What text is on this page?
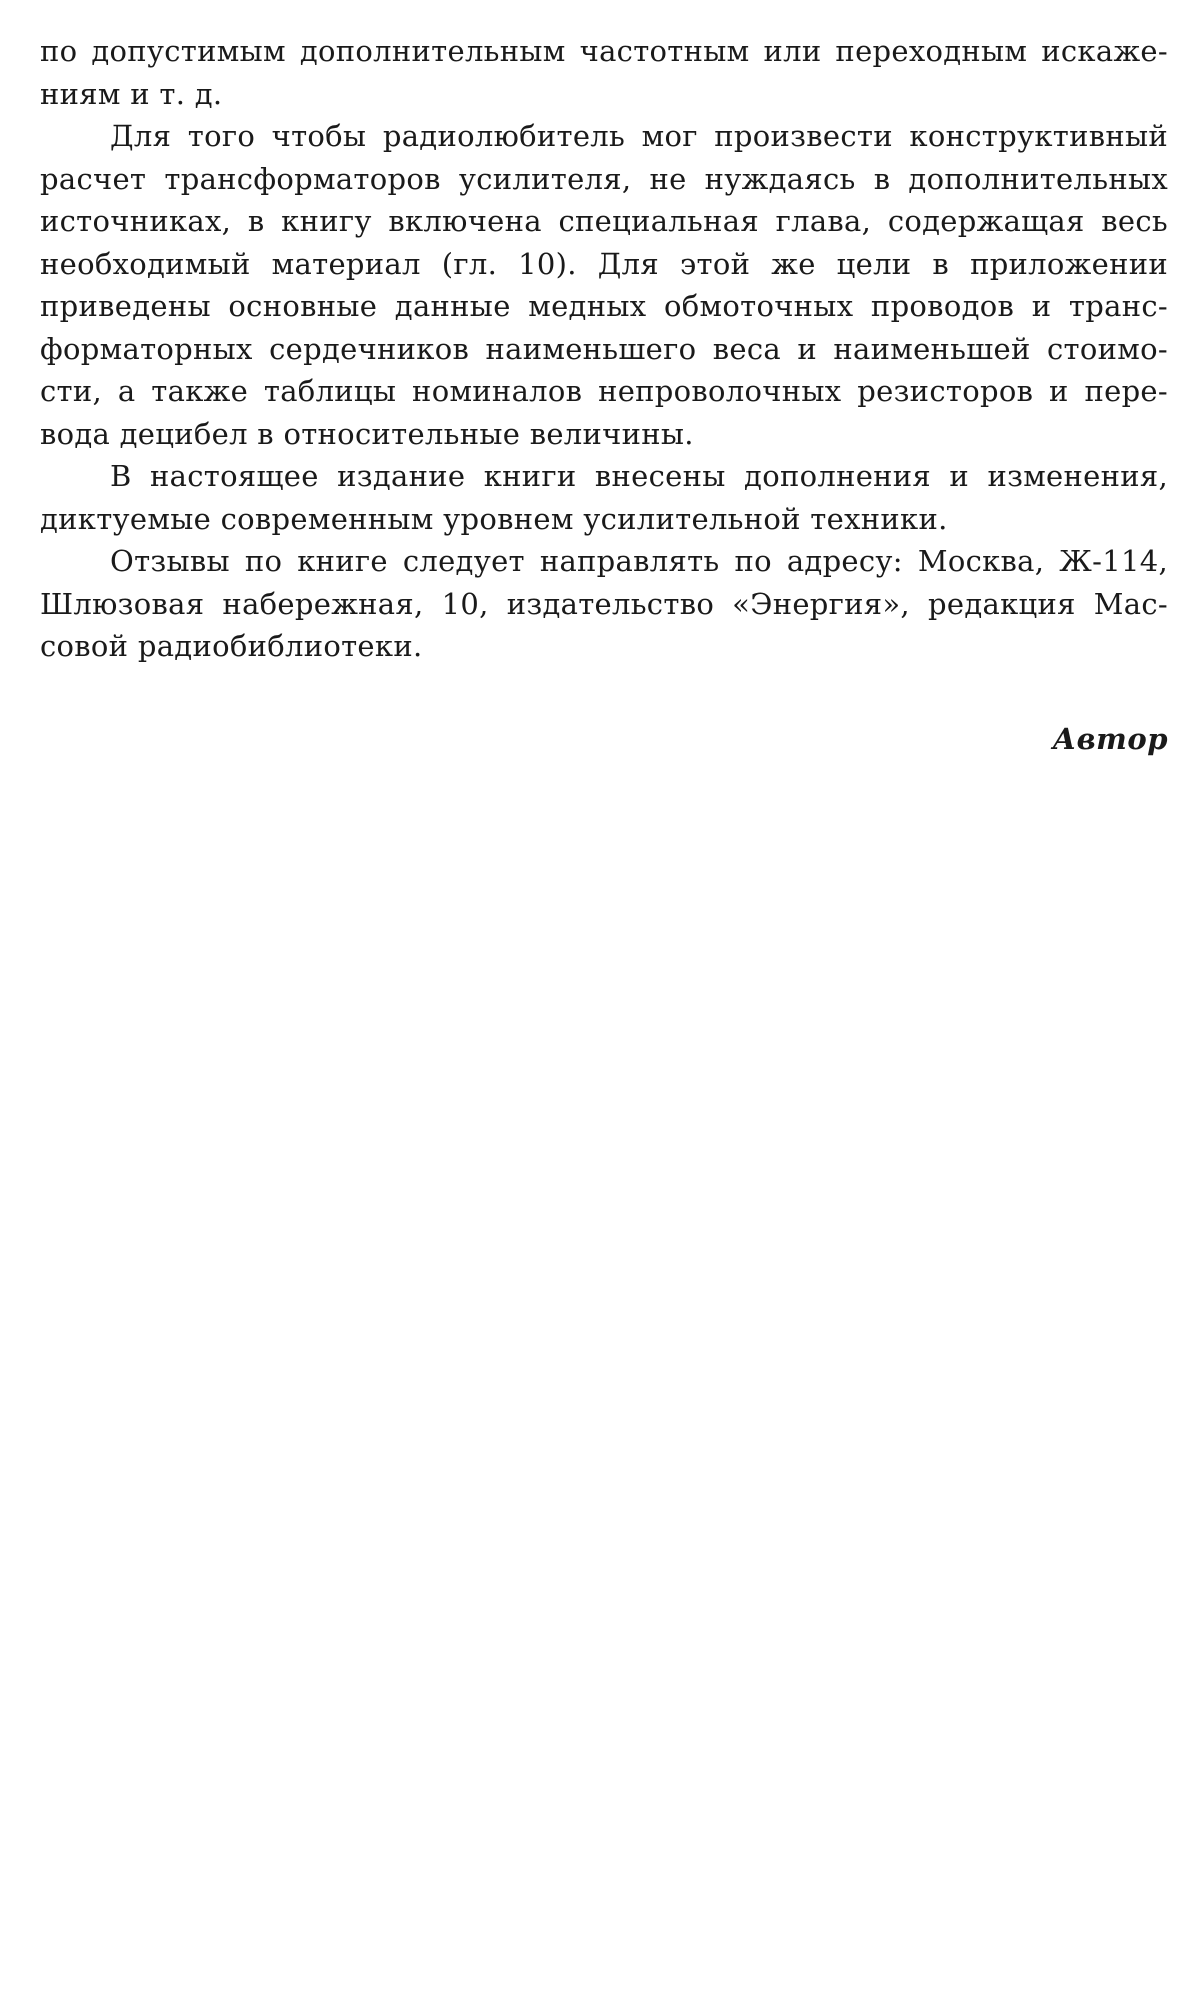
по допустимым дополнительным частотным или переходным искаже-
ниям и т. д.
Для того чтобы радиолюбитель мог произвести конструктивный
расчет трансформаторов усилителя, не нуждаясь в дополнительных
источниках, в книгу включена специальная глава, содержащая весь
необходимый материал (гл. 10). Для этой же цели в приложении
приведены основные данные медных обмоточных проводов и транс-
форматорных сердечников наименьшего веса и наименьшей стоимо-
сти, а также таблицы номиналов непроволочных резисторов и пере-
вода децибел в относительные величины.
В настоящее издание книги внесены дополнения и изменения,
диктуемые современным уровнем усилительной техники.
Отзывы по книге следует направлять по адресу: Москва, Ж-114,
Шлюзовая набережная, 10, издательство «Энергия», редакция Мас-
совой радиобиблиотеки.
Автор
